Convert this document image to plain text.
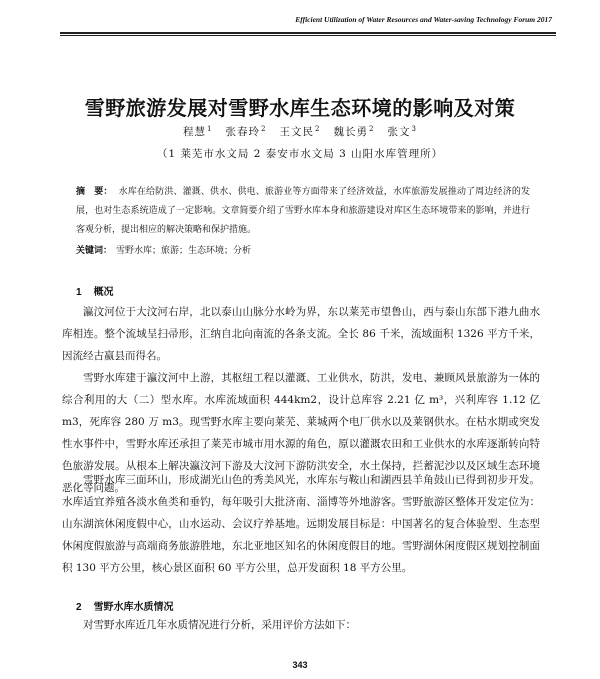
Efficient Utilization of Water Resources and Water-saving Technology Forum 2017
雪野旅游发展对雪野水库生态环境的影响及对策
程慧$^1$ 张春玲$^2$ 王文民$^2$ 魏长勇$^2$ 张文$^3$
（1 莱芜市水文局 2 泰安市水文局 3 山阳水库管理所）
摘　要： 水库在给防洪、灌溉、供水、供电、旅游业等方面带来了经济效益，水库旅游发展推动了周边经济的发展，也对生态系统造成了一定影响。文章简要介绍了雪野水库本身和旅游建设对库区生态环境带来的影响，并进行客观分析，提出相应的解决策略和保护措施。
关键词： 雪野水库；旅游；生态环境；分析
1 概况
瀛汶河位于大汶河右岸，北以泰山山脉分水岭为界，东以莱芜市望鲁山，西与泰山东部下港九曲水库相连。整个流域呈扫帚形，汇纳自北向南流的各条支流。全长 86 千米，流域面积 1326 平方千米，因流经古嬴县而得名。
雪野水库建于瀛汶河中上游，其枢纽工程以灌溉、工业供水，防洪，发电、兼顾风景旅游为一体的综合利用的大（二）型水库。水库流域面积 444km2，设计总库容 2.21 亿 m³，兴利库容 1.12 亿 m3，死库容 280 万 m3。现雪野水库主要向莱芜、莱城两个电厂供水以及莱钢供水。在枯水期或突发性水事件中，雪野水库还承担了莱芜市城市用水源的角色，原以灌溉农田和工业供水的水库逐渐转向特色旅游发展。从根本上解决瀛汶河下游及大汶河下游防洪安全，水土保持，拦蓄泥沙以及区域生态环境恶化等问题。
雪野水库三面环山，形成湖光山色的秀美风光，水库东与鞍山和湖西县羊角鼓山已得到初步开发。水库适宜养殖各淡水鱼类和垂钓，每年吸引大批济南、淄博等外地游客。雪野旅游区整体开发定位为：山东湖滨休闲度假中心，山水运动、会议疗养基地。远期发展目标是：中国著名的复合体验型、生态型休闲度假旅游与高端商务旅游胜地，东北亚地区知名的休闲度假目的地。雪野湖休闲度假区规划控制面积 130 平方公里，核心景区面积 60 平方公里，总开发面积 18 平方公里。
2 雪野水库水质情况
对雪野水库近几年水质情况进行分析，采用评价方法如下：
343
